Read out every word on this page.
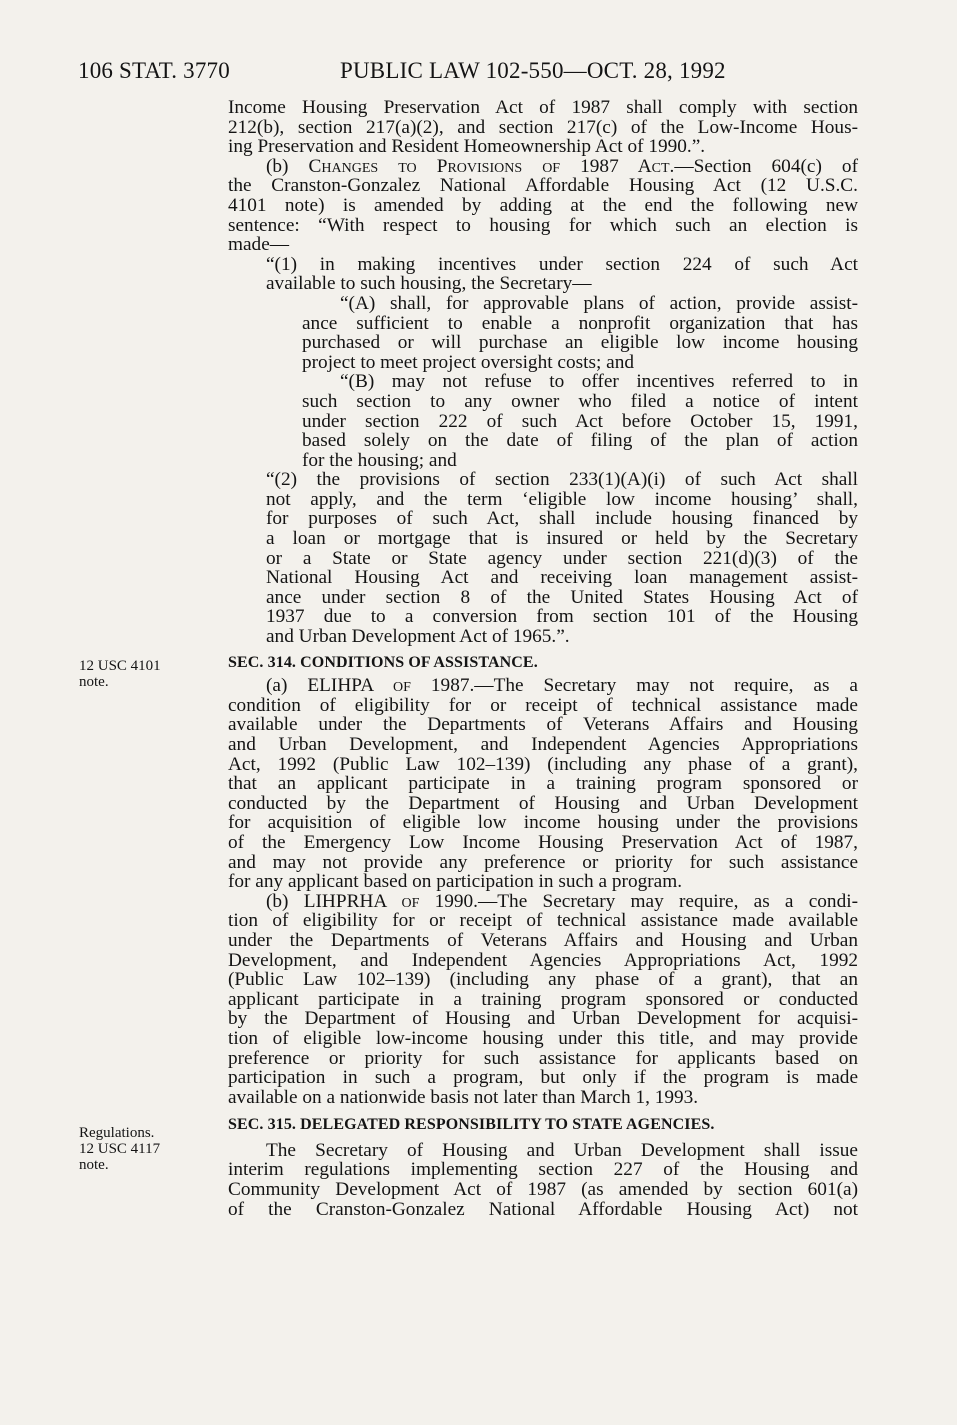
106 STAT. 3770	PUBLIC LAW 102-550—OCT. 28, 1992
12 USC 4101
note.
Regulations.
12 USC 4117
note.

Income Housing Preservation Act of 1987 shall comply with section
212(b), section 217(a)(2), and section 217(c) of the Low-Income Hous-
ing Preservation and Resident Homeownership Act of 1990.”.

(b) Changes to Provisions of 1987 Act.—Section 604(c) of
the Cranston-Gonzalez National Affordable Housing Act (12 U.S.C.
4101 note) is amended by adding at the end the following new
sentence: “With respect to housing for which such an election is
made—

“(1) in making incentives under section 224 of such Act
available to such housing, the Secretary—

“(A) shall, for approvable plans of action, provide assist-
ance sufficient to enable a nonprofit organization that has
purchased or will purchase an eligible low income housing
project to meet project oversight costs; and

“(B) may not refuse to offer incentives referred to in
such section to any owner who filed a notice of intent
under section 222 of such Act before October 15, 1991,
based solely on the date of filing of the plan of action
for the housing; and

“(2) the provisions of section 233(1)(A)(i) of such Act shall
not apply, and the term ‘eligible low income housing’ shall,
for purposes of such Act, shall include housing financed by
a loan or mortgage that is insured or held by the Secretary
or a State or State agency under section 221(d)(3) of the
National Housing Act and receiving loan management assist-
ance under section 8 of the United States Housing Act of
1937 due to a conversion from section 101 of the Housing
and Urban Development Act of 1965.”.

SEC. 314. CONDITIONS OF ASSISTANCE.

(a) ELIHPA of 1987.—The Secretary may not require, as a
condition of eligibility for or receipt of technical assistance made
available under the Departments of Veterans Affairs and Housing
and Urban Development, and Independent Agencies Appropriations
Act, 1992 (Public Law 102–139) (including any phase of a grant),
that an applicant participate in a training program sponsored or
conducted by the Department of Housing and Urban Development
for acquisition of eligible low income housing under the provisions
of the Emergency Low Income Housing Preservation Act of 1987,
and may not provide any preference or priority for such assistance
for any applicant based on participation in such a program.

(b) LIHPRHA of 1990.—The Secretary may require, as a condi-
tion of eligibility for or receipt of technical assistance made available
under the Departments of Veterans Affairs and Housing and Urban
Development, and Independent Agencies Appropriations Act, 1992
(Public Law 102–139) (including any phase of a grant), that an
applicant participate in a training program sponsored or conducted
by the Department of Housing and Urban Development for acquisi-
tion of eligible low-income housing under this title, and may provide
preference or priority for such assistance for applicants based on
participation in such a program, but only if the program is made
available on a nationwide basis not later than March 1, 1993.

SEC. 315. DELEGATED RESPONSIBILITY TO STATE AGENCIES.

The Secretary of Housing and Urban Development shall issue
interim regulations implementing section 227 of the Housing and
Community Development Act of 1987 (as amended by section 601(a)
of the Cranston-Gonzalez National Affordable Housing Act) not
